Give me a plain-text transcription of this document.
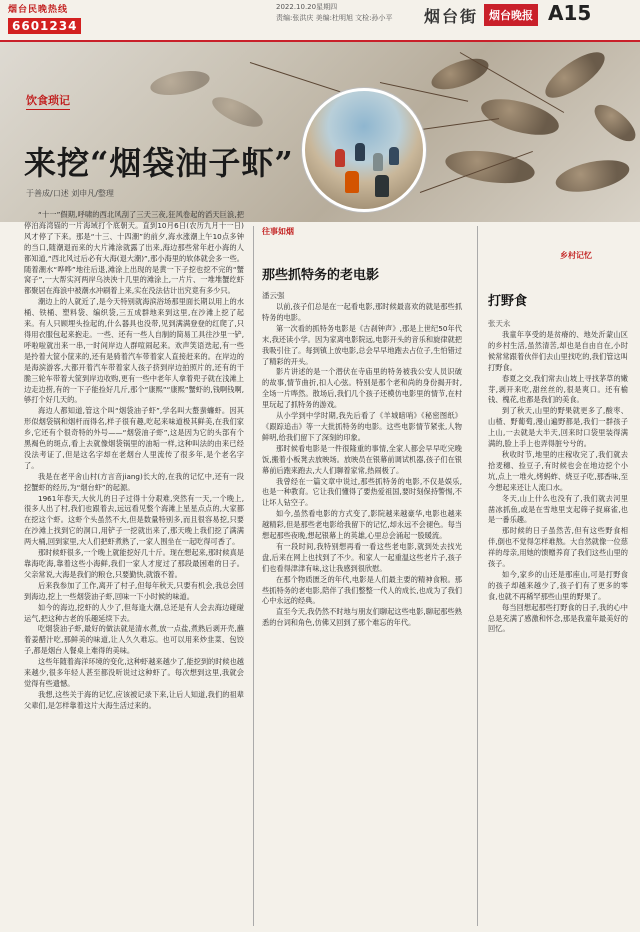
烟台民晚热线
6601234
2022.10.20星期四
责编:张洪庆 美编:杜明旭 文检:孙小平	烟台街 烟台晚报 A15
饮食琐记
来挖“烟袋油子虾”
于善成/口述 刘申凡/整理

“十一”假期,呼啸的西北风刮了三天三夜,狂风卷起的滔天巨浪,把停泊海湾锚的一片海域打个底朝天。直到10月6日(农历九月十一日)风才停了下来。那是“十三、十四潮”的前夕,海水涨潮上午10点多钟的当口,随潮退而来的大片滩涂就露了出来,海边那些常年赶小海的人都知道,“西北风过后必有大海(退大潮)”,那小海里的软体就会多一些。随着潮水“哗哗”地往后退,滩涂上出现的是黄一下子挖也挖不完的“蟹窝子”,一大帮实河两岸乌泱泱十几里的滩涂上,一片片、一堆堆蟹纥虾都聚居在海浪中被潮水冲刷着上来,实在没法估计出究竟有多少只。

潮边上的人就近了,是今天特别就海滨浴场那里面长期以用上的水桶、铁桶、塑料袋、编织袋,三五成群地来到这里,在沙滩上挖了起来。有人只顾埋头捡起的,什么器具也没带,见到满满登登的红爬了,只得用衣服包起来抱走。一些、还有一些人自制的简易工具往沙里一铲,呼啦啦就出来一串,一时间岸边人群喧闹起来。欢声笑语迭起,有一些是拎着大筐小筐来的,还有是骑着汽车带着家人直接赶来的。在岸边的是海滨游客,大都开着汽车带着家人孩子挤到岸边拍照片的,还有的干脆三轮车带着大筐到岸边收购,更有一些中老年人拿着兜子就在浅滩上边走边捞,有的一下子能捡好几斤,那个“康熙”“康熙”蟹虾的,钱啊钱啊,够打个好几天的。

海边人都知道,管这个叫“烟袋油子虾”,学名叫大螯蜚蠊虾。因其形似烟袋锅和烟杆而得名,样子很有趣,吃起来味道极其鲜美,在我们家乡,它还有个很奇特的外号——“烟袋油子虾”,这是因为它的头部有个黑褐色的斑点,看上去就像烟袋锅里的油垢一样,这种叫法的由来已经没法考证了,但是这名字却在老烟台人里流传了很多年,是个老名字了。

我是在老平舍山村(方言音jiang)长大的,在我的记忆中,还有一段挖蟹虾的经历,为“烟台虾”的起源。

1961年春天,大伙儿的日子过得十分艰难,突然有一天,一个晚上,很多人出了村,我们也跟着去,远远看见整个海滩上星星点点的,大家都在挖这个虾。这虾个头虽然不大,但是数量特别多,而且很容易挖,只要在沙滩上找到它的洞口,用铲子一挖就出来了,那天晚上我们挖了满满两大桶,回到家里,大人们把虾煮熟了,一家人围坐在一起吃得可香了。

那时候虾很多,一个晚上就能挖好几十斤。现在想起来,那时候真是靠海吃海,靠着这些小海鲜,我们一家人才度过了那段最困难的日子。父亲常说,大海是我们的粮仓,只要勤快,就饿不着。

后来我参加了工作,离开了村子,但每年秋天,只要有机会,我总会回到海边,挖上一些烟袋油子虾,回味一下小时候的味道。

如今的海边,挖虾的人少了,但每逢大潮,总还是有人会去海边碰碰运气,把这种古老的乐趣延续下去。

吃烟袋油子虾,最好的做法就是清水煮,放一点盐,煮熟后剥开壳,蘸着姜醋汁吃,那鲜美的味道,让人久久难忘。也可以用来炒韭菜、包饺子,都是烟台人餐桌上难得的美味。

这些年随着海洋环境的变化,这种虾越来越少了,能挖到的时候也越来越少,很多年轻人甚至都没听说过这种虾了。每次想到这里,我就会觉得有些遗憾。

我想,这些关于海的记忆,应该被记录下来,让后人知道,我们的祖辈父辈们,是怎样靠着这片大海生活过来的。

往事如烟
那些抓特务的老电影
潘云强

以前,孩子们总是在一起看电影,那时候最喜欢的就是那些抓特务的电影。

第一次看的抓特务电影是《古刹钟声》,那是上世纪50年代末,我还读小学。因为家离电影院远,电影开头的音乐和旋律就把我吸引住了。每到镇上放电影,总会早早地跑去占位子,生怕错过了精彩的开头。

影片讲述的是一个潜伏在寺庙里的特务被我公安人员识破的故事,情节曲折,扣人心弦。特别是那个老和尚的身份揭开时,全场一片哗然。散场后,我们几个孩子还模仿电影里的情节,在村里玩起了抓特务的游戏。

从小学到中学时期,我先后看了《羊城暗哨》《秘密图纸》《跟踪追击》等一大批抓特务的电影。这些电影情节紧张,人物鲜明,给我们留下了深刻的印象。

那时候看电影是一件很隆重的事情,全家人都会早早吃完晚饭,搬着小板凳去放映场。放映员在银幕前调试机器,孩子们在银幕前后跑来跑去,大人们聊着家常,热闹极了。

我曾经在一篇文章中说过,那些抓特务的电影,不仅是娱乐,也是一种教育。它让我们懂得了要热爱祖国,要时刻保持警惕,不让坏人钻空子。

如今,虽然看电影的方式变了,影院越来越豪华,电影也越来越精彩,但是那些老电影给我留下的记忆,却永远不会褪色。每当想起那些夜晚,想起银幕上的英雄,心里总会涌起一股暖流。

有一段时间,我特别想再看一看这些老电影,就到处去找光盘,后来在网上也找到了不少。和家人一起重温这些老片子,孩子们也看得津津有味,这让我感到很欣慰。

在那个物质匮乏的年代,电影是人们最主要的精神食粮。那些抓特务的老电影,陪伴了我们整整一代人的成长,也成为了我们心中永远的经典。

直至今天,我仍然不时地与朋友们聊起这些电影,聊起那些熟悉的台词和角色,仿佛又回到了那个难忘的年代。

乡村记忆
打野食
张天永

我童年享受的是贫瘠的、地处沂蒙山区的乡村生活,虽然清苦,却也是自由自在,小时候常常跟着伙伴们去山里找吃的,我们管这叫打野食。

春夏之交,我们常去山坡上寻找茅草的嫩芽,剥开来吃,甜丝丝的,很是爽口。还有榆钱、槐花,也都是我们的美食。

到了秋天,山里的野果就更多了,酸枣、山楂、野葡萄,漫山遍野都是,我们一群孩子上山,一去就是大半天,回来时口袋里装得满满的,脸上手上也弄得脏兮兮的。

秋收时节,地里的庄稼收完了,我们就去拾麦穗、捡豆子,有时候也会在地边挖个小坑,点上一堆火,烤蚂蚱、烧豆子吃,那香味,至今想起来还让人流口水。

冬天,山上什么也没有了,我们就去河里凿冰抓鱼,或是在雪地里支起筛子捉麻雀,也是一番乐趣。

那时候的日子虽然苦,但有这些野食相伴,倒也不觉得怎样难熬。大自然就像一位慈祥的母亲,用她的馈赠养育了我们这些山里的孩子。

如今,家乡的山还是那座山,可是打野食的孩子却越来越少了,孩子们有了更多的零食,也就不再稀罕那些山里的野果了。

每当回想起那些打野食的日子,我的心中总是充满了感激和怀念,那是我童年最美好的回忆。
